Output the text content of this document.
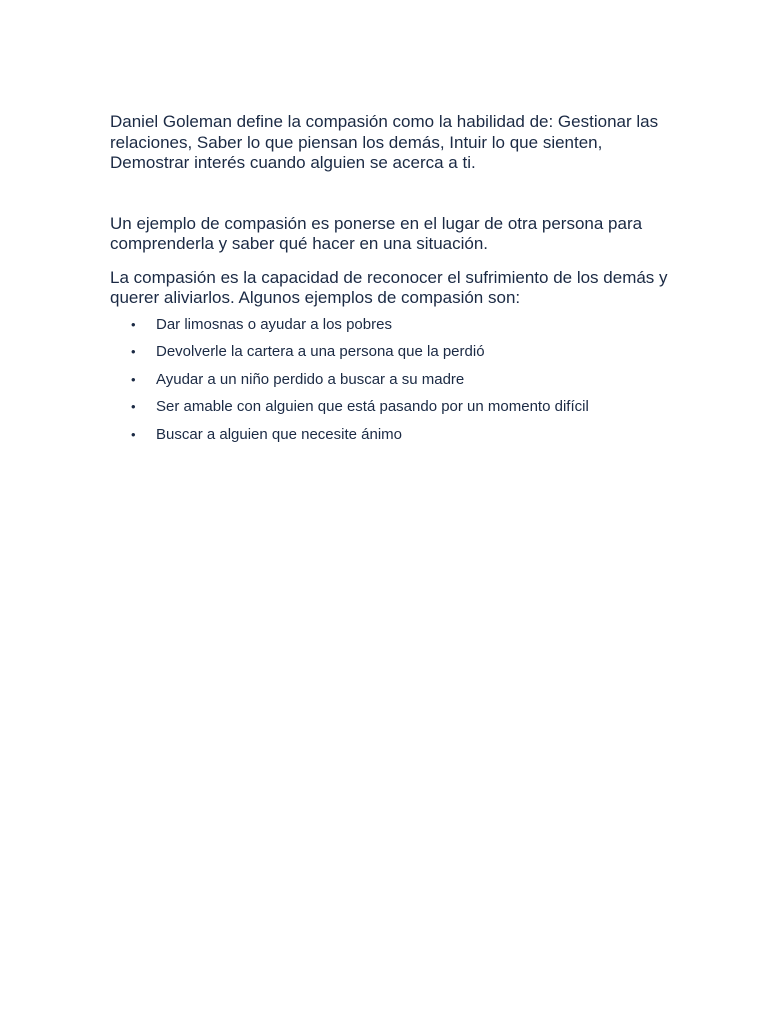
Daniel Goleman define la compasión como la habilidad de: Gestionar las relaciones, Saber lo que piensan los demás, Intuir lo que sienten, Demostrar interés cuando alguien se acerca a ti.

Un ejemplo de compasión es ponerse en el lugar de otra persona para comprenderla y saber qué hacer en una situación.

La compasión es la capacidad de reconocer el sufrimiento de los demás y querer aliviarlos. Algunos ejemplos de compasión son:

• Dar limosnas o ayudar a los pobres
• Devolverle la cartera a una persona que la perdió
• Ayudar a un niño perdido a buscar a su madre
• Ser amable con alguien que está pasando por un momento difícil
• Buscar a alguien que necesite ánimo
